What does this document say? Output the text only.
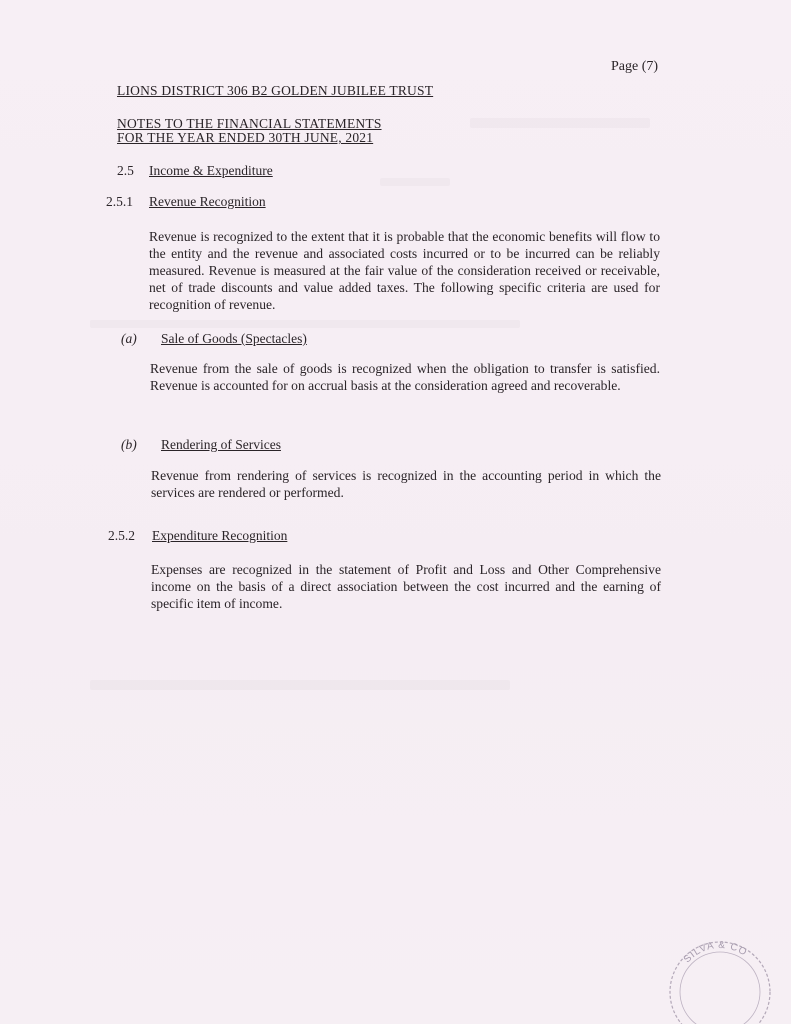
Page (7)
LIONS DISTRICT 306 B2 GOLDEN JUBILEE TRUST
NOTES TO THE FINANCIAL STATEMENTS
FOR THE YEAR ENDED 30TH JUNE, 2021
2.5 Income & Expenditure
2.5.1 Revenue Recognition
Revenue is recognized to the extent that it is probable that the economic benefits will flow to the entity and the revenue and associated costs incurred or to be incurred can be reliably measured. Revenue is measured at the fair value of the consideration received or receivable, net of trade discounts and value added taxes. The following specific criteria are used for recognition of revenue.
(a) Sale of Goods (Spectacles)
Revenue from the sale of goods is recognized when the obligation to transfer is satisfied. Revenue is accounted for on accrual basis at the consideration agreed and recoverable.
(b) Rendering of Services
Revenue from rendering of services is recognized in the accounting period in which the services are rendered or performed.
2.5.2 Expenditure Recognition
Expenses are recognized in the statement of Profit and Loss and Other Comprehensive income on the basis of a direct association between the cost incurred and the earning of specific item of income.
SILVA & CO
